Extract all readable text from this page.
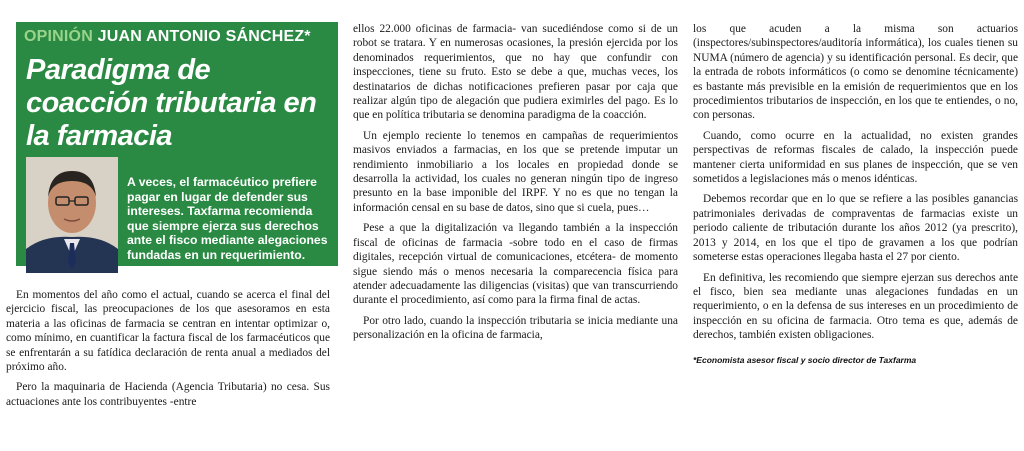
OPINIÓN JUAN ANTONIO SÁNCHEZ*
Paradigma de coacción tributaria en la farmacia
A veces, el farmacéutico prefiere pagar en lugar de defender sus intereses. Taxfarma recomienda que siempre ejerza sus derechos ante el fisco mediante alegaciones fundadas en un requerimiento.

En momentos del año como el actual, cuando se acerca el final del ejercicio fiscal, las preocupaciones de los que asesoramos en esta materia a las oficinas de farmacia se centran en intentar optimizar o, como mínimo, en cuantificar la factura fiscal de los farmacéuticos que se enfrentarán a su fatídica declaración de renta anual a mediados del próximo año.

Pero la maquinaria de Hacienda (Agencia Tributaria) no cesa. Sus actuaciones ante los contribuyentes -entre

ellos 22.000 oficinas de farmacia- van sucediéndose como si de un robot se tratara. Y en numerosas ocasiones, la presión ejercida por los denominados requerimientos, que no hay que confundir con inspecciones, tiene su fruto. Esto se debe a que, muchas veces, los destinatarios de dichas notificaciones prefieren pasar por caja que realizar algún tipo de alegación que pudiera eximirles del pago. Es lo que en política tributaria se denomina paradigma de la coacción.

Un ejemplo reciente lo tenemos en campañas de requerimientos masivos enviados a farmacias, en los que se pretende imputar un rendimiento inmobiliario a los locales en propiedad donde se desarrolla la actividad, los cuales no generan ningún tipo de ingreso presunto en la base imponible del IRPF. Y no es que no tengan la información censal en su base de datos, sino que si cuela, pues…

Pese a que la digitalización va llegando también a la inspección fiscal de oficinas de farmacia -sobre todo en el caso de firmas digitales, recepción virtual de comunicaciones, etcétera- de momento sigue siendo más o menos necesaria la comparecencia física para atender adecuadamente las diligencias (visitas) que van transcurriendo durante el procedimiento, así como para la firma final de actas.

Por otro lado, cuando la inspección tributaria se inicia mediante una personalización en la oficina de farmacia,

los que acuden a la misma son actuarios (inspectores/subinspectores/auditoría informática), los cuales tienen su NUMA (número de agencia) y su identificación personal. Es decir, que la entrada de robots informáticos (o como se denomine técnicamente) es bastante más previsible en la emisión de requerimientos que en los procedimientos tributarios de inspección, en los que te entiendes, o no, con personas.

Cuando, como ocurre en la actualidad, no existen grandes perspectivas de reformas fiscales de calado, la inspección puede mantener cierta uniformidad en sus planes de inspección, que se ven sometidos a legislaciones más o menos idénticas.

Debemos recordar que en lo que se refiere a las posibles ganancias patrimoniales derivadas de compraventas de farmacias existe un periodo caliente de tributación durante los años 2012 (ya prescrito), 2013 y 2014, en los que el tipo de gravamen a los que podrían someterse estas operaciones llegaba hasta el 27 por ciento.

En definitiva, les recomiendo que siempre ejerzan sus derechos ante el fisco, bien sea mediante unas alegaciones fundadas en un requerimiento, o en la defensa de sus intereses en un procedimiento de inspección en su oficina de farmacia. Otro tema es que, además de derechos, también existen obligaciones.

*Economista asesor fiscal y socio director de Taxfarma
